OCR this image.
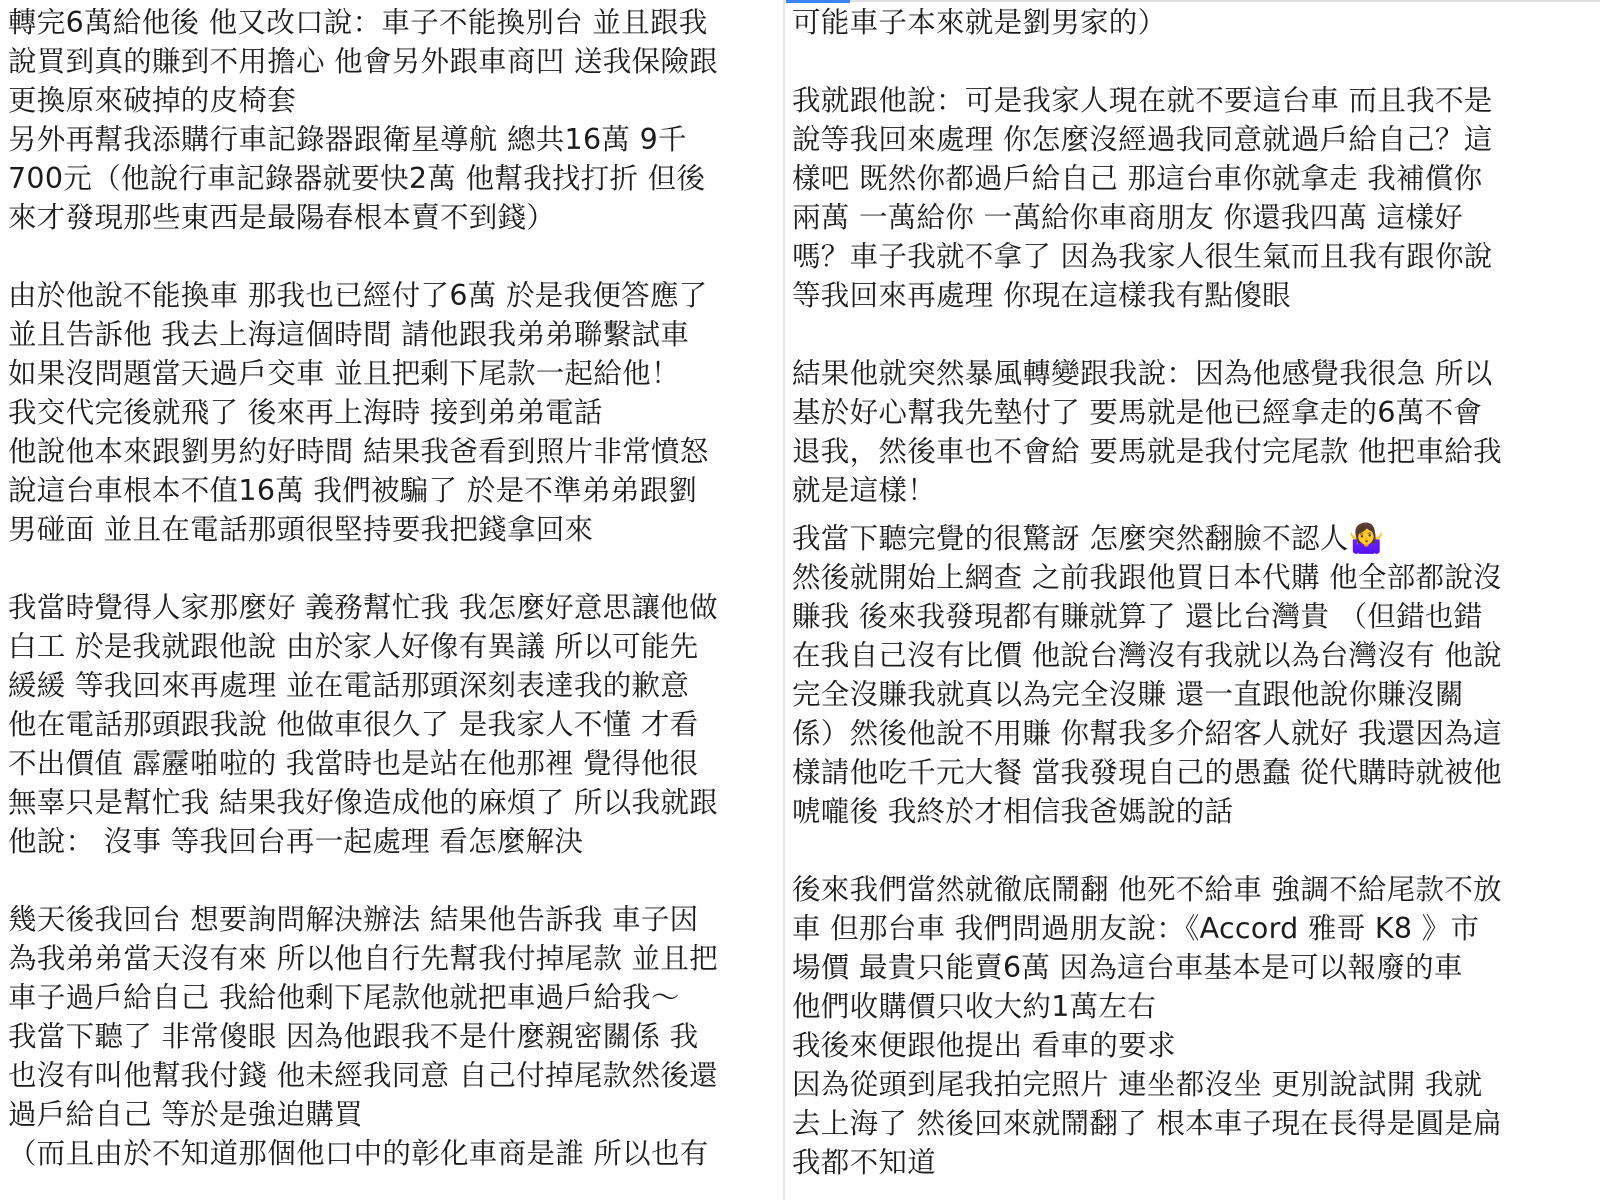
轉完6萬給他後 他又改口說：車子不能換別台 並且跟我
說買到真的賺到不用擔心 他會另外跟車商凹 送我保險跟
更換原來破掉的皮椅套
另外再幫我添購行車記錄器跟衛星導航 總共16萬 9千
700元（他說行車記錄器就要快2萬 他幫我找打折 但後
來才發現那些東西是最陽春根本賣不到錢）
由於他說不能換車 那我也已經付了6萬 於是我便答應了
並且告訴他 我去上海這個時間 請他跟我弟弟聯繫試車
如果沒問題當天過戶交車 並且把剩下尾款一起給他！
我交代完後就飛了 後來再上海時 接到弟弟電話
他說他本來跟劉男約好時間 結果我爸看到照片非常憤怒
說這台車根本不值16萬 我們被騙了 於是不準弟弟跟劉
男碰面 並且在電話那頭很堅持要我把錢拿回來
我當時覺得人家那麼好 義務幫忙我 我怎麼好意思讓他做
白工 於是我就跟他說 由於家人好像有異議 所以可能先
緩緩 等我回來再處理 並在電話那頭深刻表達我的歉意
他在電話那頭跟我說 他做車很久了 是我家人不懂 才看
不出價值 霹靂啪啦的 我當時也是站在他那裡 覺得他很
無辜只是幫忙我 結果我好像造成他的麻煩了 所以我就跟
他說： 沒事 等我回台再一起處理 看怎麼解決
幾天後我回台 想要詢問解決辦法 結果他告訴我 車子因
為我弟弟當天沒有來 所以他自行先幫我付掉尾款 並且把
車子過戶給自己 我給他剩下尾款他就把車過戶給我～
我當下聽了 非常傻眼 因為他跟我不是什麼親密關係 我
也沒有叫他幫我付錢 他未經我同意 自己付掉尾款然後還
過戶給自己 等於是強迫購買
（而且由於不知道那個他口中的彰化車商是誰 所以也有
可能車子本來就是劉男家的）
我就跟他說：可是我家人現在就不要這台車 而且我不是
說等我回來處理 你怎麼沒經過我同意就過戶給自己？這
樣吧 既然你都過戶給自己 那這台車你就拿走 我補償你
兩萬 一萬給你 一萬給你車商朋友 你還我四萬 這樣好
嗎？車子我就不拿了 因為我家人很生氣而且我有跟你說
等我回來再處理 你現在這樣我有點傻眼
結果他就突然暴風轉變跟我說：因為他感覺我很急 所以
基於好心幫我先墊付了 要馬就是他已經拿走的6萬不會
退我，然後車也不會給 要馬就是我付完尾款 他把車給我
就是這樣！
我當下聽完覺的很驚訝 怎麼突然翻臉不認人🤷‍♀️
然後就開始上網查 之前我跟他買日本代購 他全部都說沒
賺我 後來我發現都有賺就算了 還比台灣貴 （但錯也錯
在我自己沒有比價 他說台灣沒有我就以為台灣沒有 他說
完全沒賺我就真以為完全沒賺 還一直跟他說你賺沒關
係）然後他說不用賺 你幫我多介紹客人就好 我還因為這
樣請他吃千元大餐 當我發現自己的愚蠢 從代購時就被他
唬嚨後 我終於才相信我爸媽說的話
後來我們當然就徹底鬧翻 他死不給車 強調不給尾款不放
車 但那台車 我們問過朋友說：《Accord 雅哥 K8 》市
場價 最貴只能賣6萬 因為這台車基本是可以報廢的車
他們收購價只收大約1萬左右
我後來便跟他提出 看車的要求
因為從頭到尾我拍完照片 連坐都沒坐 更別說試開 我就
去上海了 然後回來就鬧翻了 根本車子現在長得是圓是扁
我都不知道
